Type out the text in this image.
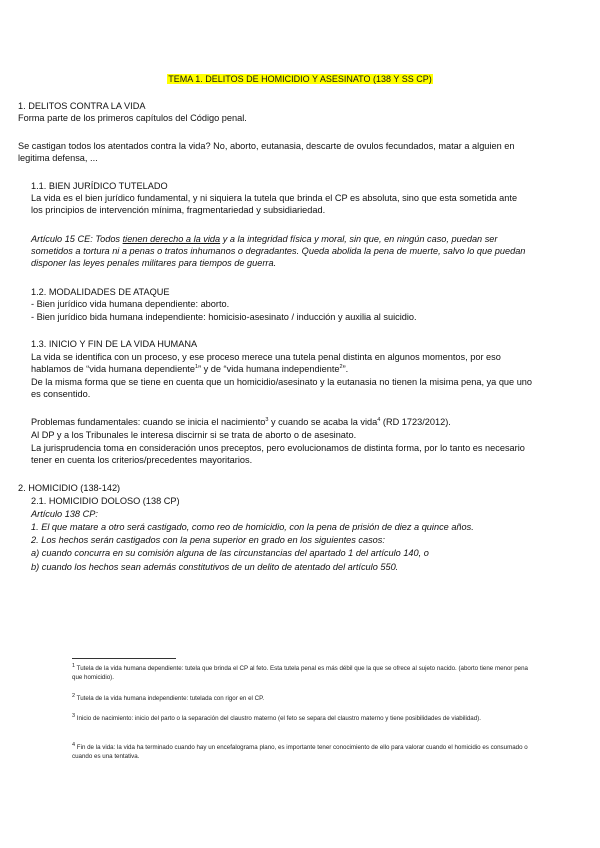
TEMA 1. DELITOS DE HOMICIDIO Y ASESINATO (138 Y SS CP)
1. DELITOS CONTRA LA VIDA
Forma parte de los primeros capítulos del Código penal.
Se castigan todos los atentados contra la vida? No, aborto, eutanasia, descarte de ovulos fecundados, matar a alguien en
legitima defensa, ...
1.1. BIEN JURÍDICO TUTELADO
La vida es el bien jurídico fundamental, y ni siquiera la tutela que brinda el CP es absoluta, sino que esta sometida ante
los principios de intervención mínima, fragmentariedad y subsidiariedad.
Artículo 15 CE: Todos tienen derecho a la vida y a la integridad física y moral, sin que, en ningún caso, puedan ser
sometidos a tortura ni a penas o tratos inhumanos o degradantes. Queda abolida la pena de muerte, salvo lo que puedan
disponer las leyes penales militares para tiempos de guerra.
1.2. MODALIDADES DE ATAQUE
- Bien jurídico vida humana dependiente: aborto.
- Bien jurídico bida humana independiente: homicisio-asesinato / inducción y auxilia al suicidio.
1.3. INICIO Y FIN DE LA VIDA HUMANA
La vida se identifica con un proceso, y ese proceso merece una tutela penal distinta en algunos momentos, por eso
hablamos de “vida humana dependiente$^1$” y de “vida humana independiente$^2$”.
De la misma forma que se tiene en cuenta que un homicidio/asesinato y la eutanasia no tienen la misima pena, ya que uno
es consentido.
Problemas fundamentales: cuando se inicia el nacimiento$^3$ y cuando se acaba la vida$^4$ (RD 1723/2012).
Al DP y a los Tribunales le interesa discirnir si se trata de aborto o de asesinato.
La jurisprudencia toma en consideración unos preceptos, pero evolucionamos de distinta forma, por lo tanto es necesario
tener en cuenta los criterios/precedentes mayoritarios.
2. HOMICIDIO (138-142)
2.1. HOMICIDIO DOLOSO (138 CP)
Artículo 138 CP:
1. El que matare a otro será castigado, como reo de homicidio, con la pena de prisión de diez a quince años.
2. Los hechos serán castigados con la pena superior en grado en los siguientes casos:
a) cuando concurra en su comisión alguna de las circunstancias del apartado 1 del artículo 140, o
b) cuando los hechos sean además constitutivos de un delito de atentado del artículo 550.
$^1$ Tutela de la vida humana dependiente: tutela que brinda el CP al feto. Esta tutela penal es más débil que la que se ofrece al sujeto nacido. (aborto tiene menor pena que homicidio).
$^2$ Tutela de la vida humana independiente: tutelada con rigor en el CP.
$^3$ Inicio de nacimiento: inicio del parto o la separación del claustro materno (el feto se separa del claustro materno y tiene posibilidades de viabilidad).
$^4$ Fin de la vida: la vida ha terminado cuando hay un encefalograma plano, es importante tener conocimiento de ello para valorar cuando el homicidio es consumado o cuando es una tentativa.
